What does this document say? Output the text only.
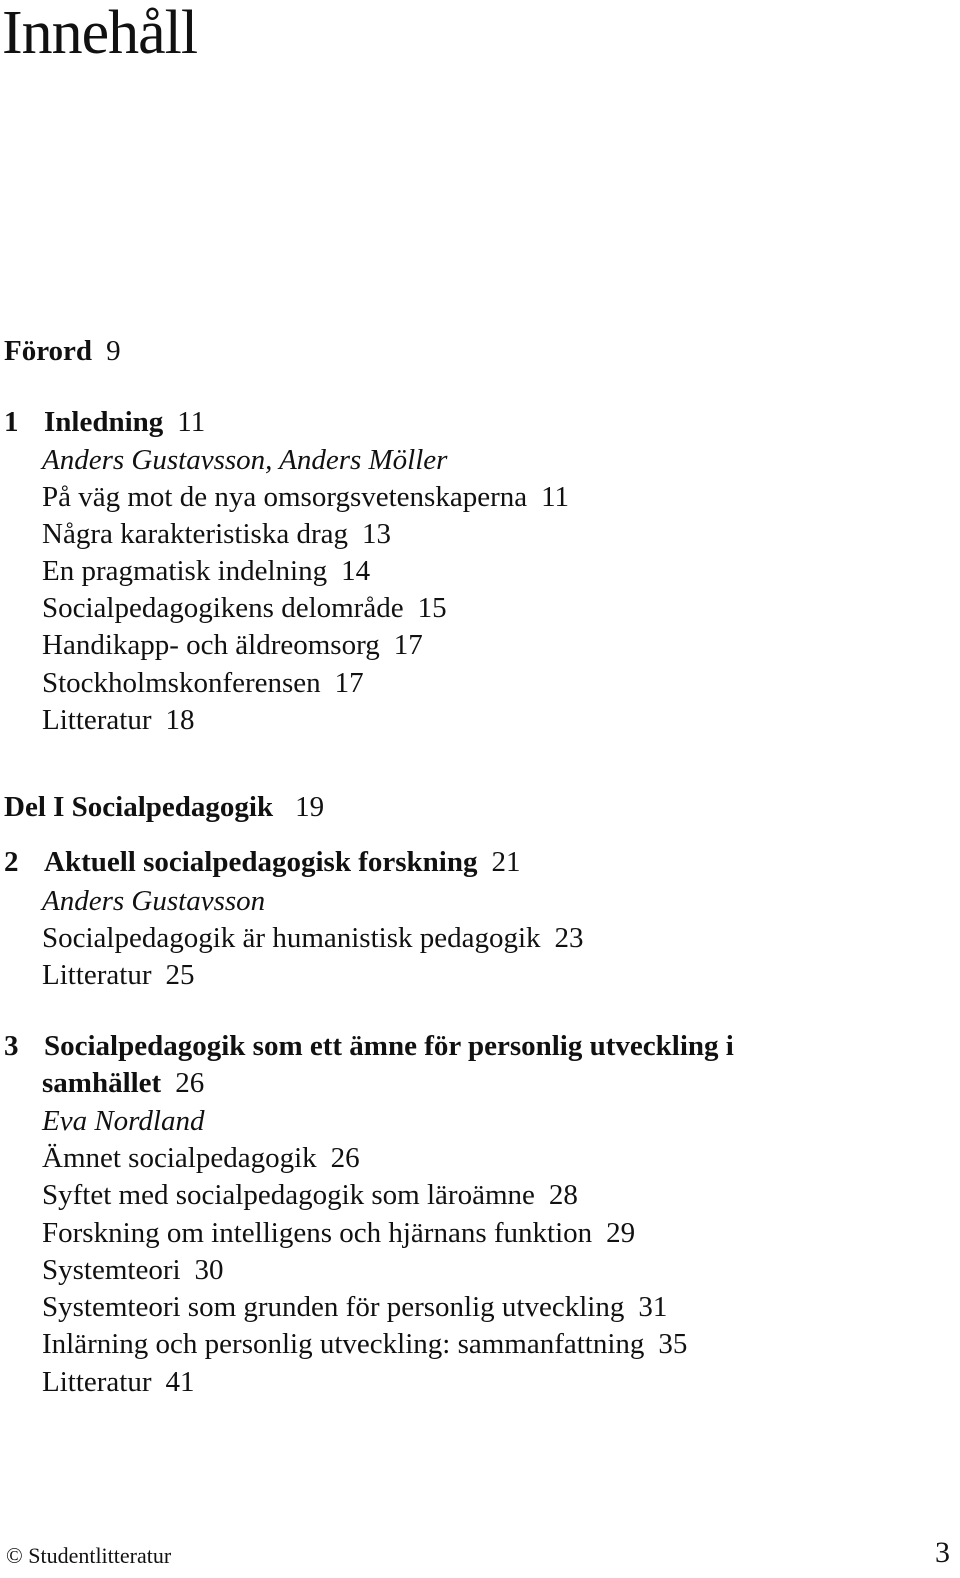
Innehåll
Förord 9
1 Inledning 11
Anders Gustavsson, Anders Möller
På väg mot de nya omsorgsvetenskaperna 11
Några karakteristiska drag 13
En pragmatisk indelning 14
Socialpedagogikens delområde 15
Handikapp- och äldreomsorg 17
Stockholmskonferensen 17
Litteratur 18
Del I Socialpedagogik 19
2 Aktuell socialpedagogisk forskning 21
Anders Gustavsson
Socialpedagogik är humanistisk pedagogik 23
Litteratur 25
3 Socialpedagogik som ett ämne för personlig utveckling i
samhället 26
Eva Nordland
Ämnet socialpedagogik 26
Syftet med socialpedagogik som läroämne 28
Forskning om intelligens och hjärnans funktion 29
Systemteori 30
Systemteori som grunden för personlig utveckling 31
Inlärning och personlig utveckling: sammanfattning 35
Litteratur 41
© Studentlitteratur	3
